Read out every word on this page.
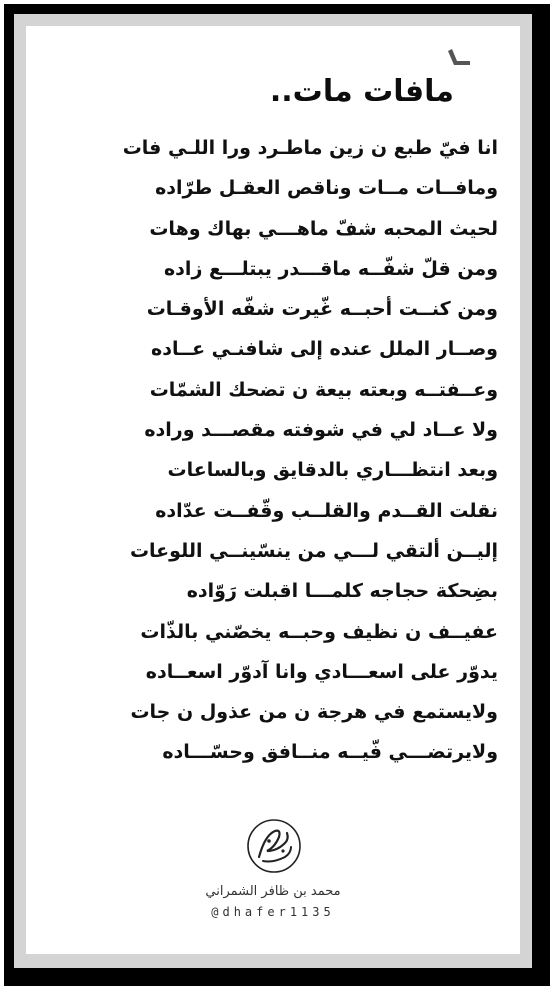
مافات مات..
انا فيّ طبع ن زين ماطـرد ورا اللـي فات
ومافــات مــات وناقص العقـل طرّاده
لحيث المحبه شفّ ماهـــي بهاك وهات
ومن قلّ شفّــه ماقـــدر يبتلـــع زاده
ومن كنــت أحبــه غّيرت شفّه الأوقـات
وصــار الملل عنده إلى شافنـي عــاده
وعــفتــه وبعته بيعة ن تضحك الشمّات
ولا عــاد لي في شوفته مقصـــد وراده
وبعد انتظـــاري بالدقايق وبالساعات
نقلت القــدم والقلــب وقّفــت عدّاده
إليــن ألتقي لـــي من ينسّينــي اللوعات
بضِحكة حجاجه كلمـــا اقبلت رَوّاده
عفيــف ن نظيف وحبــه يخصّني بالذّات
يدوّر على اسعـــادي وانا آدوّر اسعــاده
ولايستمع في هرجة ن من عذول ن جات
ولايرتضـــي فّيــه منــافق وحسّـــاده
محمد بن ظافر الشمراني
@dhafer1135
